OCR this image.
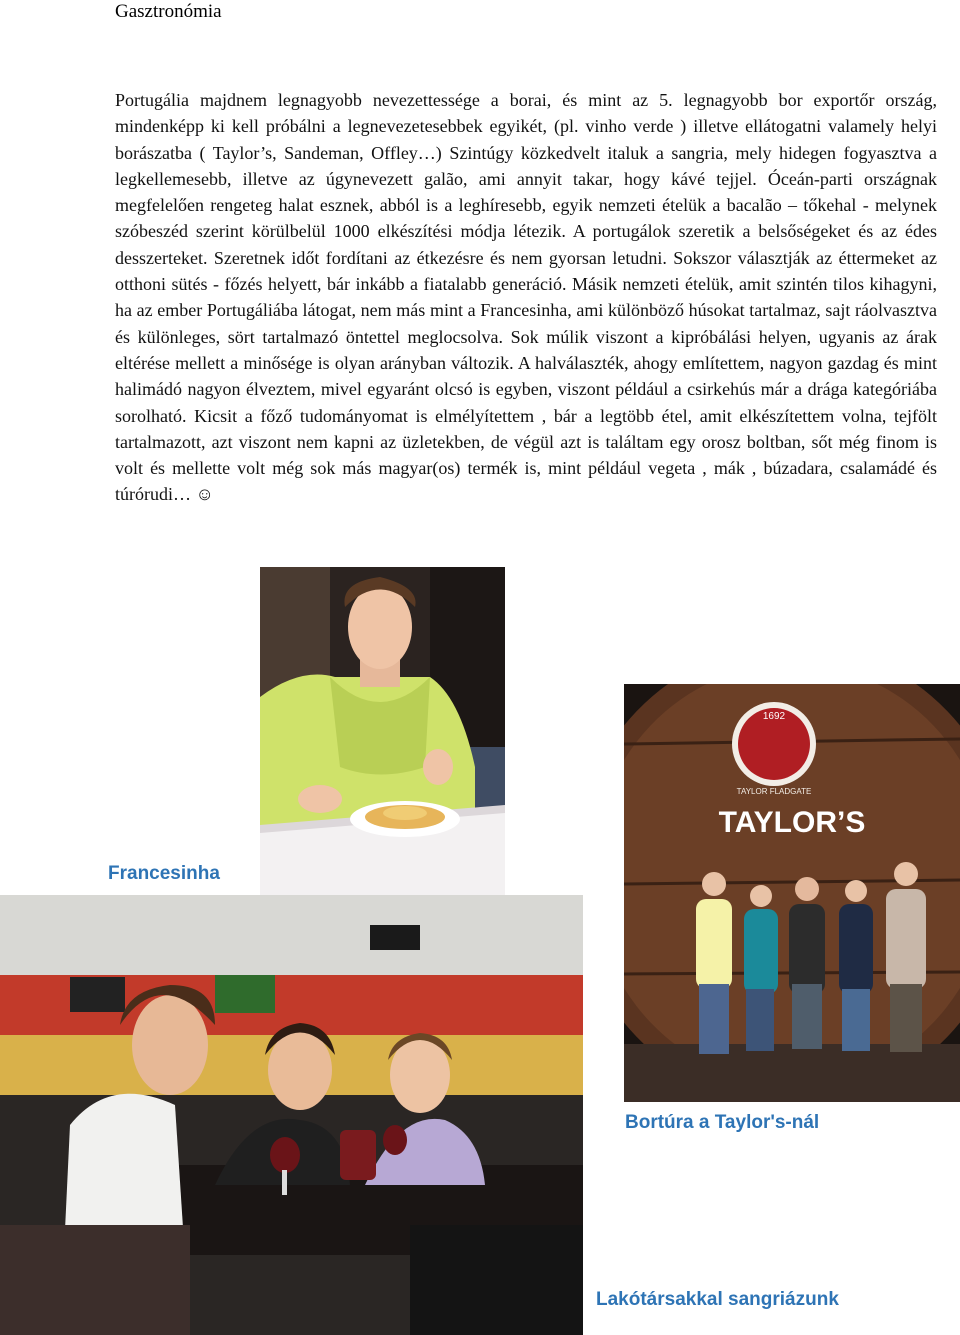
Gasztronómia
Portugália majdnem legnagyobb nevezettessége a borai, és mint az 5. legnagyobb bor exportőr ország, mindenképp ki kell próbálni a legnevezetesebbek egyikét, (pl. vinho verde ) illetve ellátogatni valamely helyi borászatba ( Taylor’s, Sandeman, Offley…) Szintúgy közkedvelt italuk a sangria, mely hidegen fogyasztva a legkellemesebb, illetve az úgynevezett galão, ami annyit takar, hogy kávé tejjel. Óceán-parti országnak megfelelően rengeteg halat esznek, abból is a leghíresebb, egyik nemzeti ételük a bacalão – tőkehal - melynek szóbeszéd szerint körülbelül 1000 elkészítési módja létezik. A portugálok szeretik a belsőségeket és az édes desszerteket. Szeretnek időt fordítani az étkezésre és nem gyorsan letudni. Sokszor választják az éttermeket az otthoni sütés - főzés helyett, bár inkább a fiatalabb generáció. Másik nemzeti ételük, amit szintén tilos kihagyni, ha az ember Portugáliába látogat, nem más mint a Francesinha, ami különböző húsokat tartalmaz, sajt ráolvasztva és különleges, sört tartalmazó öntettel meglocsolva. Sok múlik viszont a kipróbálási helyen, ugyanis az árak eltérése mellett a minősége is olyan arányban változik. A halválaszték, ahogy említettem, nagyon gazdag és mint halimádó nagyon élveztem, mivel egyaránt olcsó is egyben, viszont például a csirkehús már a drága kategóriába sorolható. Kicsit a főző tudományomat is elmélyítettem , bár a legtöbb étel, amit elkészítettem volna, tejfölt tartalmazott, azt viszont nem kapni az üzletekben, de végül azt is találtam egy orosz boltban, sőt még finom is volt és mellette volt még sok más magyar(os) termék is, mint például vegeta , mák , búzadara, csalamádé és túrórudi… ☺
1692
TAYLOR FLADGATE
TAYLOR’S
Francesinha
Bortúra a Taylor's-nál
Lakótársakkal sangriázunk
